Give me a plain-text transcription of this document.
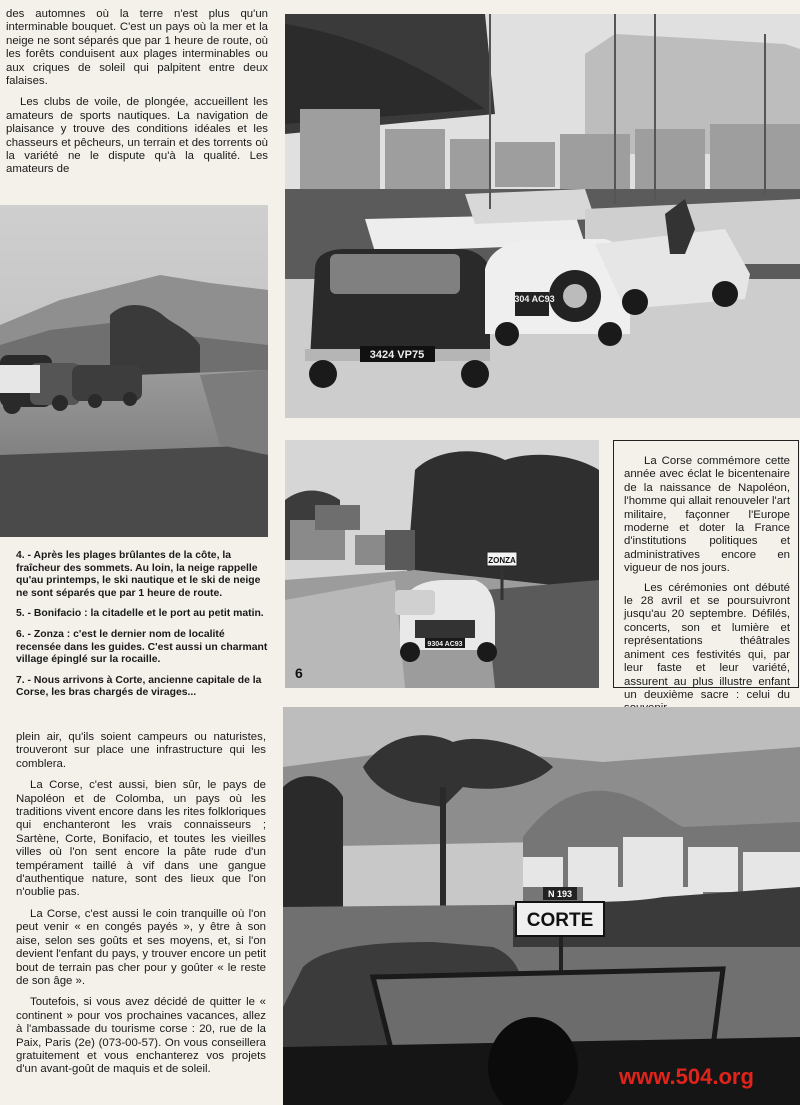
des automnes où la terre n'est plus qu'un interminable bouquet. C'est un pays où la mer et la neige ne sont séparés que par 1 heure de route, où les forêts conduisent aux plages interminables ou aux criques de soleil qui palpitent entre deux falaises.

Les clubs de voile, de plongée, accueillent les amateurs de sports nautiques. La navigation de plaisance y trouve des conditions idéales et les chasseurs et pêcheurs, un terrain et des torrents où la variété ne le dispute qu'à la qualité. Les amateurs de

4. - Après les plages brûlantes de la côte, la fraîcheur des sommets. Au loin, la neige rappelle qu'au printemps, le ski nautique et le ski de neige ne sont séparés que par 1 heure de route.

5. - Bonifacio : la citadelle et le port au petit matin.

6. - Zonza : c'est le dernier nom de localité recensée dans les guides. C'est aussi un charmant village épinglé sur la rocaille.

7. - Nous arrivons à Corte, ancienne capitale de la Corse, les bras chargés de virages...

plein air, qu'ils soient campeurs ou naturistes, trouveront sur place une infrastructure qui les comblera.

La Corse, c'est aussi, bien sûr, le pays de Napoléon et de Colomba, un pays où les traditions vivent encore dans les rites folkloriques qui enchanteront les vrais connaisseurs ; Sartène, Corte, Bonifacio, et toutes les vieilles villes où l'on sent encore la pâte rude d'un tempérament taillé à vif dans une gangue d'authentique nature, sont des lieux que l'on n'oublie pas.

La Corse, c'est aussi le coin tranquille où l'on peut venir « en congés payés », y être à son aise, selon ses goûts et ses moyens, et, si l'on devient l'enfant du pays, y trouver encore un petit bout de terrain pas cher pour y goûter « le reste de son âge ».

Toutefois, si vous avez décidé de quitter le « continent » pour vos prochaines vacances, allez à l'ambassade du tourisme corse : 20, rue de la Paix, Paris (2e) (073-00-57). On vous conseillera gratuitement et vous enchanterez vos projets d'un avant-goût de maquis et de soleil.

3424 VP75
9304 AC93
9304 AC93
ZONZA
6

La Corse commémore cette année avec éclat le bicentenaire de la naissance de Napoléon, l'homme qui allait renouveler l'art militaire, façonner l'Europe moderne et doter la France d'institutions politiques et administratives encore en vigueur de nos jours.

Les cérémonies ont débuté le 28 avril et se poursuivront jusqu'au 20 septembre. Défilés, concerts, son et lumière et représentations théâtrales animent ces festivités qui, par leur faste et leur variété, assurent au plus illustre enfant un deuxième sacre : celui du

N 193
CORTE
www.504.org
